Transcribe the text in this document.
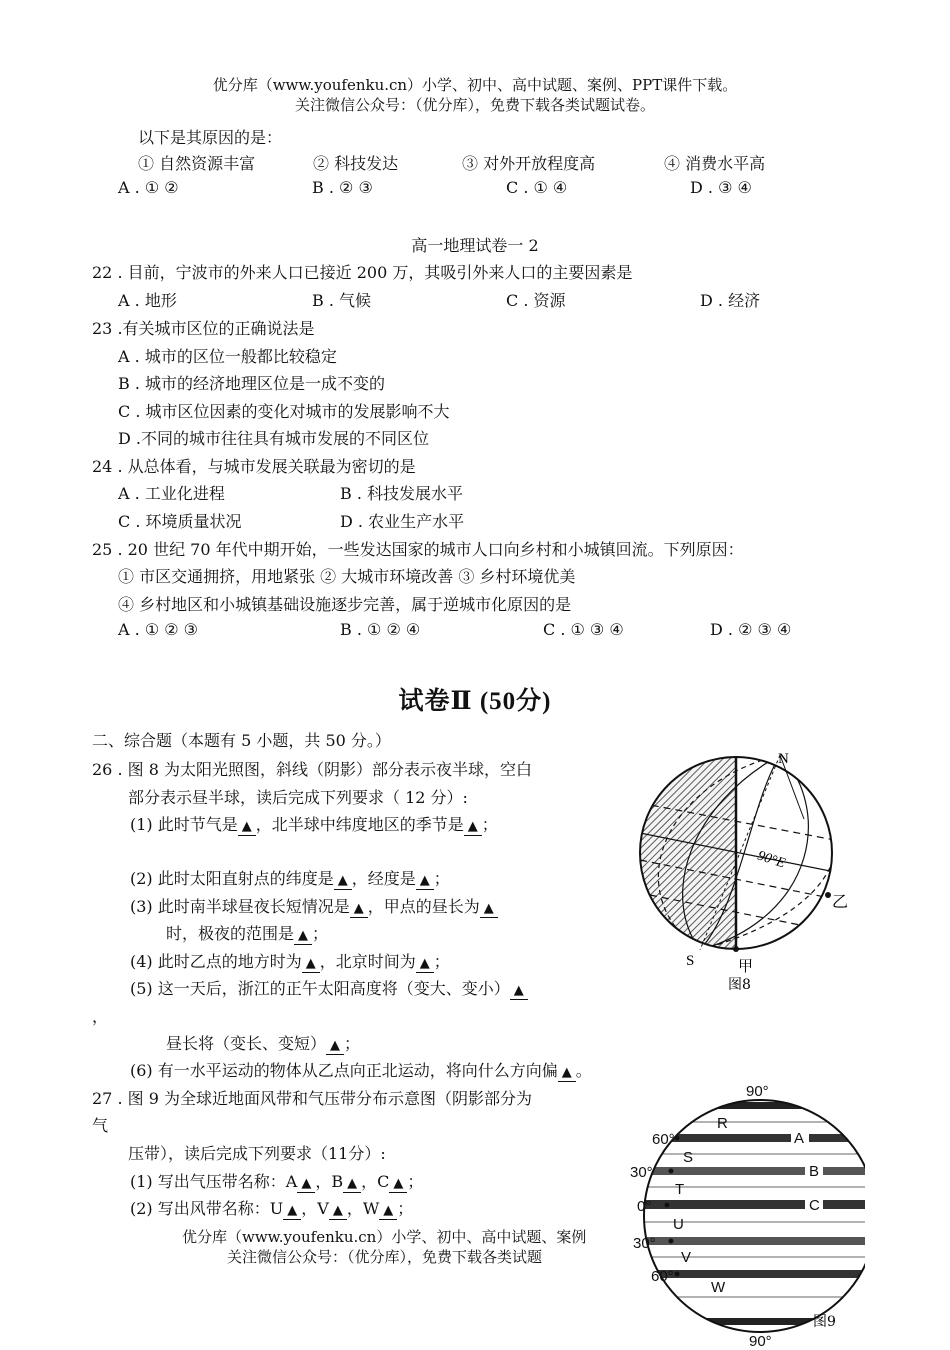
优分库（www.youfenku.cn）小学、初中、高中试题、案例、PPT课件下载。
关注微信公众号：（优分库），免费下载各类试题试卷。
以下是其原因的是：
① 自然资源丰富	② 科技发达	③ 对外开放程度高	④ 消费水平高
A . ① ②	B . ② ③	C . ① ④	D . ③ ④
高一地理试卷一 2
22 . 目前，宁波市的外来人口已接近 200 万，其吸引外来人口的主要因素是
A . 地形	B . 气候	C . 资源	D . 经济
23 .有关城市区位的正确说法是
A . 城市的区位一般都比较稳定
B . 城市的经济地理区位是一成不变的
C . 城市区位因素的变化对城市的发展影响不大
D .不同的城市往往具有城市发展的不同区位
24 . 从总体看，与城市发展关联最为密切的是
A . 工业化进程	B . 科技发展水平
C . 环境质量状况	D . 农业生产水平
25 . 20 世纪 70 年代中期开始，一些发达国家的城市人口向乡村和小城镇回流。下列原因：
① 市区交通拥挤，用地紧张 ② 大城市环境改善 ③ 乡村环境优美
④ 乡村地区和小城镇基础设施逐步完善，属于逆城市化原因的是
A . ① ② ③	B . ① ② ④	C . ① ③ ④	D . ② ③ ④
试卷Ⅱ (50分)
二、综合题（本题有 5 小题，共 50 分。）
26 . 图 8 为太阳光照图，斜线（阴影）部分表示夜半球，空白
部分表示昼半球，读后完成下列要求（ 12 分）:
(1) 此时节气是 ▲ ，北半球中纬度地区的季节是 ▲ ；
(2) 此时太阳直射点的纬度是 ▲ ，经度是 ▲ ；
(3) 此时南半球昼夜长短情况是 ▲ ，甲点的昼长为 ▲
时，极夜的范围是 ▲ ；
(4) 此时乙点的地方时为 ▲ ，北京时间为 ▲ ；
(5) 这一天后，浙江的正午太阳高度将（变大、变小） ▲
，
昼长将（变长、变短） ▲ ；
(6) 有一水平运动的物体从乙点向正北运动，将向什么方向偏 ▲ 。
N
S
90°E
甲
乙
图8
27 . 图 9 为全球近地面风带和气压带分布示意图（阴影部分为
气
压带），读后完成下列要求（11分）:
(1) 写出气压带名称：A ▲ ，B ▲ ，C ▲ ；
(2) 写出风带名称：U ▲ ，V ▲ ，W ▲ ；
优分库（www.youfenku.cn）小学、初中、高中试题、案例
关注微信公众号：（优分库），免费下载各类试题
90°
90°
60°
30°
0°
30°
60°
R
S
T
U
V
W
A
B
C
图9
